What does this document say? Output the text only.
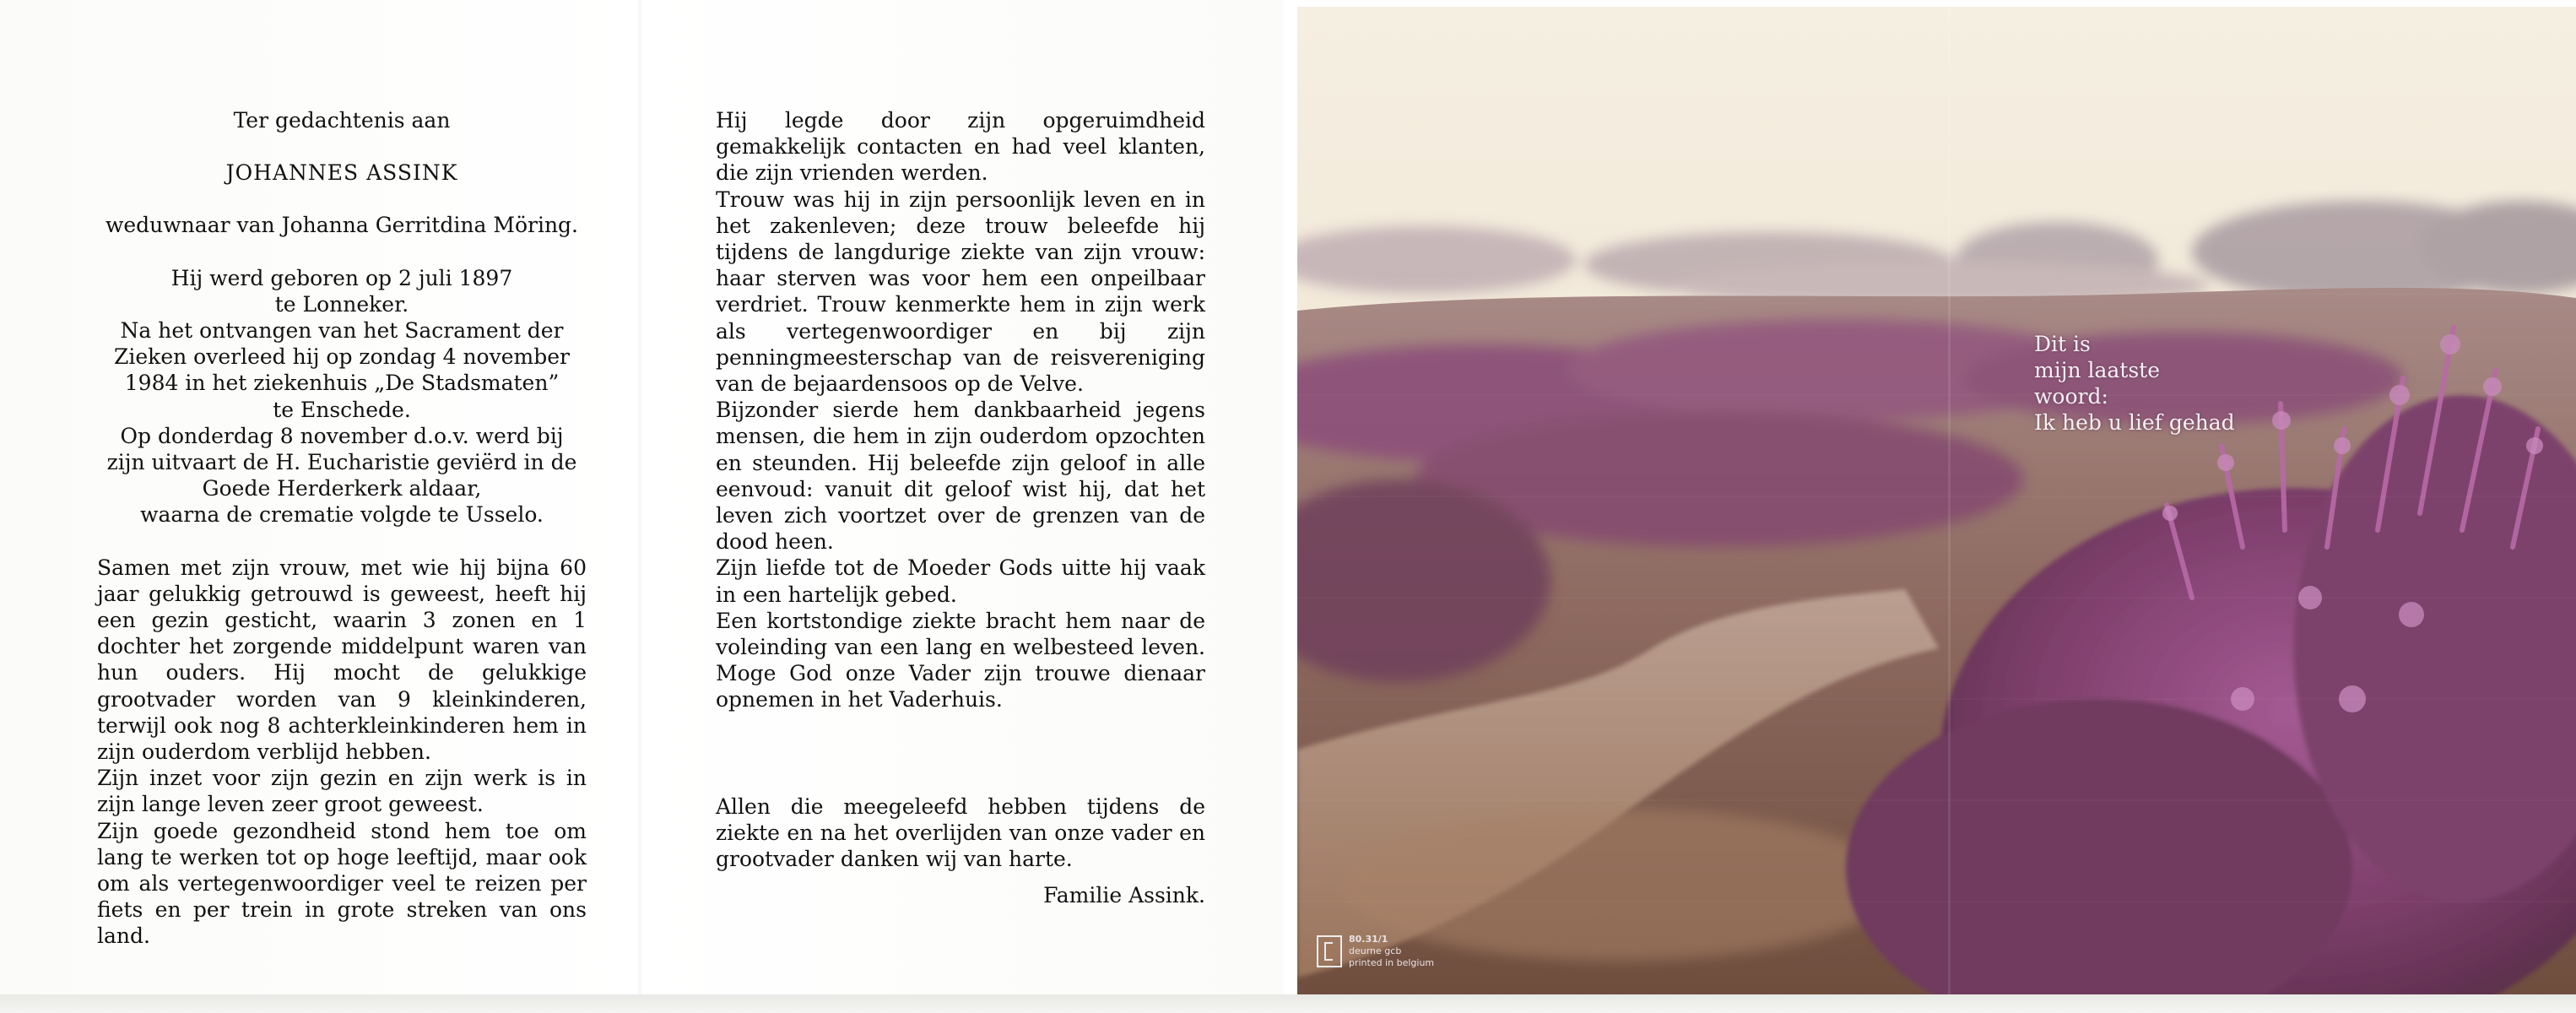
Ter gedachtenis aan

JOHANNES ASSINK

weduwnaar van Johanna Gerritdina Möring.

Hij werd geboren op 2 juli 1897

te Lonneker.

Na het ontvangen van het Sacrament der

Zieken overleed hij op zondag 4 november

1984 in het ziekenhuis „De Stadsmaten”

te Enschede.

Op donderdag 8 november d.o.v. werd bij

zijn uitvaart de H. Eucharistie geviërd in de

Goede Herderkerk aldaar,

waarna de crematie volgde te Usselo.

Samen met zijn vrouw, met wie hij bijna 60 jaar gelukkig getrouwd is geweest, heeft hij een gezin gesticht, waarin 3 zonen en 1 dochter het zorgende middelpunt waren van hun ouders. Hij mocht de gelukkige grootvader worden van 9 kleinkinderen, terwijl ook nog 8 achterkleinkinderen hem in zijn ouderdom verblijd hebben.

Zijn inzet voor zijn gezin en zijn werk is in zijn lange leven zeer groot geweest.

Zijn goede gezondheid stond hem toe om lang te werken tot op hoge leeftijd, maar ook om als vertegenwoordiger veel te reizen per fiets en per trein in grote streken van ons land.

Hij legde door zijn opgeruimdheid gemakkelijk contacten en had veel klanten, die zijn vrienden werden.

Trouw was hij in zijn persoonlijk leven en in het zakenleven; deze trouw beleefde hij tijdens de langdurige ziekte van zijn vrouw: haar sterven was voor hem een onpeilbaar verdriet. Trouw kenmerkte hem in zijn werk als vertegenwoordiger en bij zijn penningmeesterschap van de reisvereniging van de bejaardensoos op de Velve.

Bijzonder sierde hem dankbaarheid jegens mensen, die hem in zijn ouderdom opzochten en steunden. Hij beleefde zijn geloof in alle eenvoud: vanuit dit geloof wist hij, dat het leven zich voortzet over de grenzen van de dood heen.

Zijn liefde tot de Moeder Gods uitte hij vaak in een hartelijk gebed.

Een kortstondige ziekte bracht hem naar de voleinding van een lang en welbesteed leven. Moge God onze Vader zijn trouwe dienaar opnemen in het Vaderhuis.

Allen die meegeleefd hebben tijdens de ziekte en na het overlijden van onze vader en grootvader danken wij van harte.

Familie Assink.

Dit is
mijn laatste
woord:
Ik heb u lief gehad
80.31/1
deurne gcb
printed in belgium
